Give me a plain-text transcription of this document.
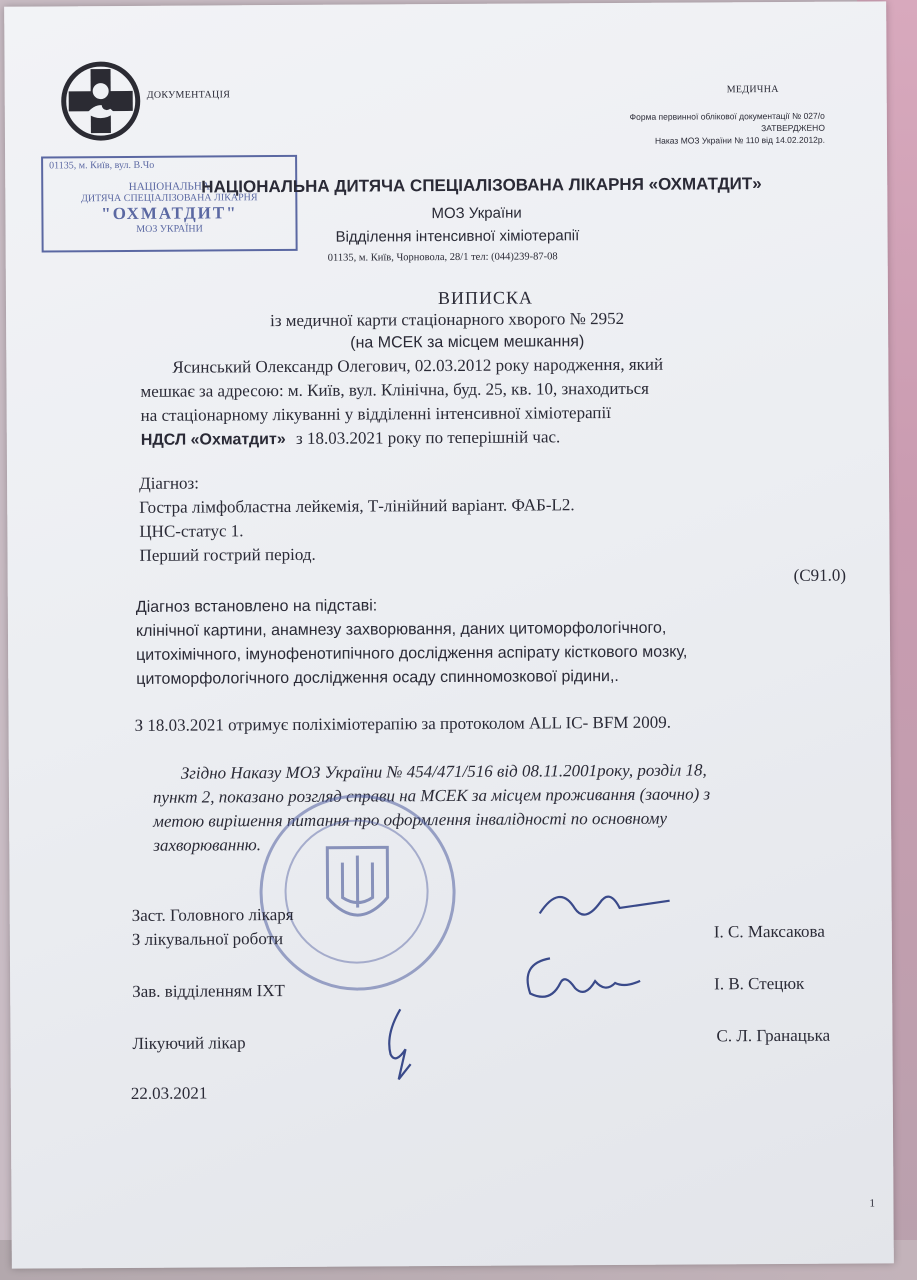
ДОКУМЕНТАЦІЯ	МЕДИЧНА
Форма первинної облікової документації № 027/о
ЗАТВЕРДЖЕНО
Наказ МОЗ України № 110 від 14.02.2012р.
01135, м. Київ, вул. В.Чо
НАЦІОНАЛЬНА
ДИТЯЧА СПЕЦІАЛІЗОВАНА ЛІКАРНЯ
"ОХМАТДИТ"
МОЗ УКРАЇНИ
НАЦІОНАЛЬНА ДИТЯЧА СПЕЦІАЛІЗОВАНА ЛІКАРНЯ «ОХМАТДИТ»
МОЗ України
Відділення інтенсивної хіміотерапії
01135, м. Київ, Чорновола, 28/1 тел: (044)239-87-08
ВИПИСКА
із медичної карти стаціонарного хворого № 2952
(на МСЕК за місцем мешкання)
Ясинський Олександр Олегович, 02.03.2012 року народження, який
мешкає за адресою: м. Київ, вул. Клінічна, буд. 25, кв. 10, знаходиться
на стаціонарному лікуванні у відділенні інтенсивної хіміотерапії
НДСЛ «Охматдит» з 18.03.2021 року по теперішній час.
Діагноз:
Гостра лімфобластна лейкемія, Т-лінійний варіант. ФАБ-L2.
ЦНС-статус 1.
Перший гострий період.
(C91.0)
Діагноз встановлено на підставі:
клінічної картини, анамнезу захворювання, даних цитоморфологічного,
цитохімічного, імунофенотипічного дослідження аспірату кісткового мозку,
цитоморфологічного дослідження осаду спинномозкової рідини,.
З 18.03.2021 отримує поліхіміотерапію за протоколом ALL IC- BFM 2009.
Згідно Наказу МОЗ України № 454/471/516 від 08.11.2001року, розділ 18,
пункт 2, показано розгляд справи на МСЕК за місцем проживання (заочно) з
метою вирішення питання про оформлення інвалідності по основному
захворюванню.
Заст. Головного лікаря
З лікувальної роботи	І. С. Максакова
Зав. відділенням ІХТ	І. В. Стецюк
Лікуючий лікар	С. Л. Гранацька
22.03.2021
1
